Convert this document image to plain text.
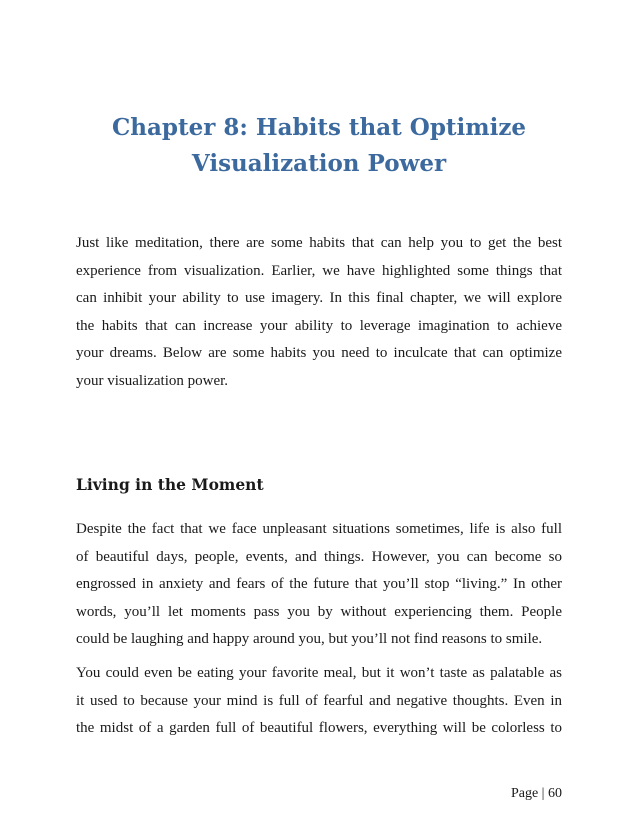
Chapter 8: Habits that Optimize
Visualization Power

Just like meditation, there are some habits that can help you to get the best
experience from visualization. Earlier, we have highlighted some things that
can inhibit your ability to use imagery. In this final chapter, we will explore
the habits that can increase your ability to leverage imagination to achieve
your dreams. Below are some habits you need to inculcate that can optimize
your visualization power.

Living in the Moment

Despite the fact that we face unpleasant situations sometimes, life is also full
of beautiful days, people, events, and things. However, you can become so
engrossed in anxiety and fears of the future that you’ll stop “living.” In other
words, you’ll let moments pass you by without experiencing them. People
could be laughing and happy around you, but you’ll not find reasons to smile.

You could even be eating your favorite meal, but it won’t taste as palatable as
it used to because your mind is full of fearful and negative thoughts. Even in
the midst of a garden full of beautiful flowers, everything will be colorless to

Page | 60
